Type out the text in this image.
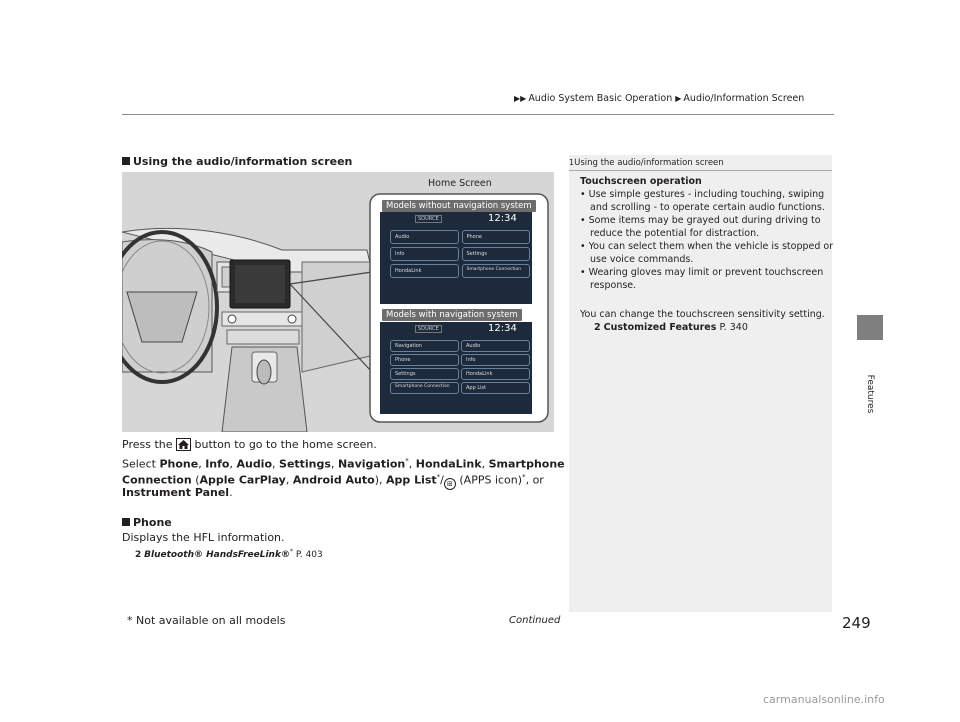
▶▶ Audio System Basic Operation ▶ Audio/Information Screen
Features
Using the audio/information screen
Home Screen
Models without navigation system
Models with navigation system
SOURCE	12:34
Audio	Phone
Info	Settings
HondaLink	Smartphone Connection
SOURCE	12:34
Navigation	Audio
Phone	Info
Settings	HondaLink
Smartphone Connection	App List
Press the button to go to the home screen.
Select Phone, Info, Audio, Settings, Navigation*, HondaLink, Smartphone
Connection (Apple CarPlay, Android Auto), App List*/ ⊞ (APPS icon)*, or
Instrument Panel.
Phone
Displays the HFL information.
2 Bluetooth® HandsFreeLink®* P. 403
1Using the audio/information screen
Touchscreen operation
• Use simple gestures - including touching, swiping
and scrolling - to operate certain audio functions.
• Some items may be grayed out during driving to
reduce the potential for distraction.
• You can select them when the vehicle is stopped or
use voice commands.
• Wearing gloves may limit or prevent touchscreen
response.
You can change the touchscreen sensitivity setting.
2 Customized Features P. 340
* Not available on all models	Continued	249
carmanualsonline.info
